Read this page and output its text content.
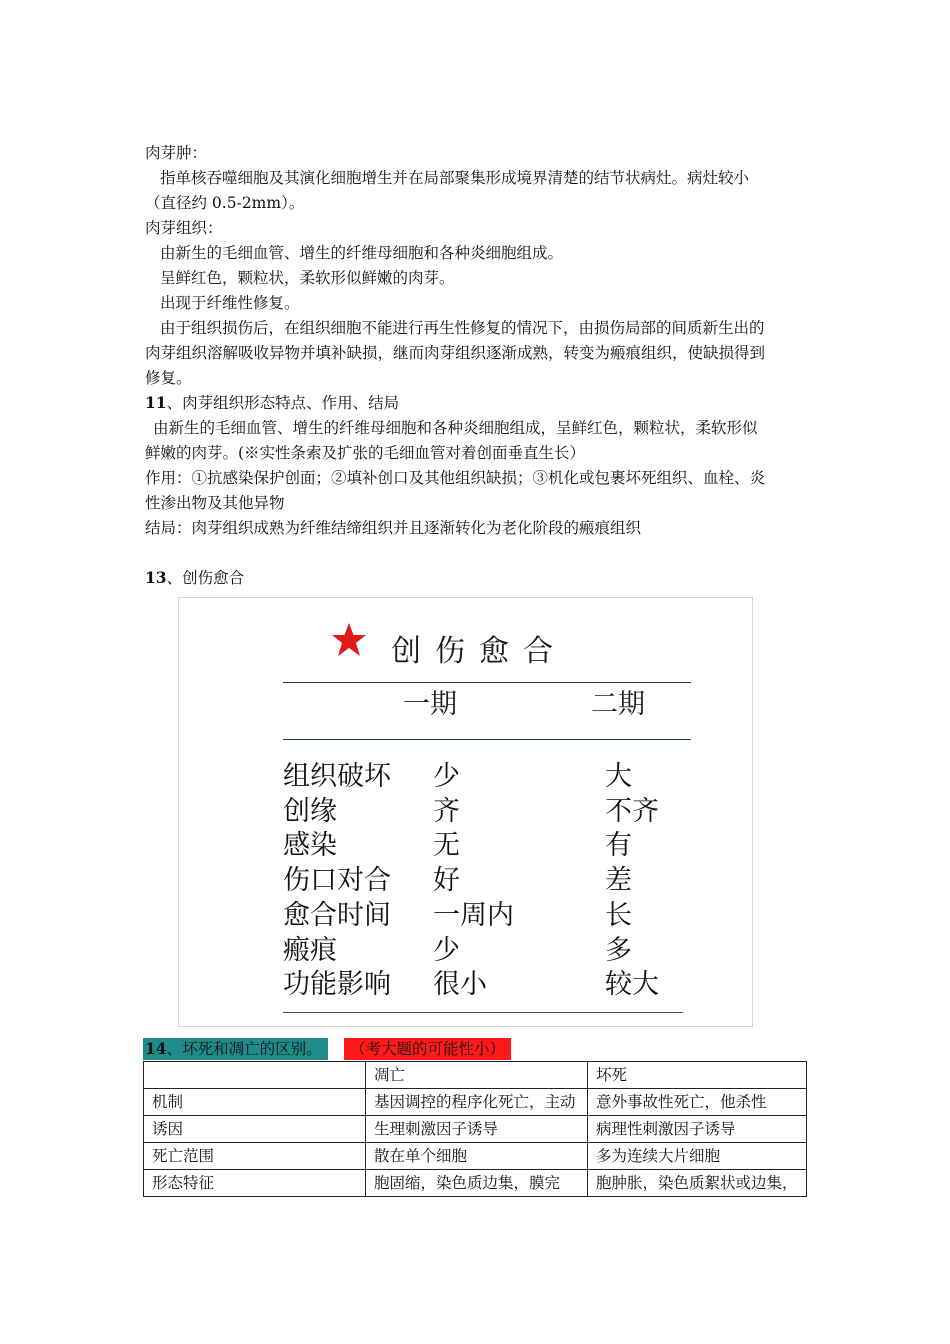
肉芽肿：
指单核吞噬细胞及其演化细胞增生并在局部聚集形成境界清楚的结节状病灶。病灶较小
（直径约 0.5-2mm）。
肉芽组织：
由新生的毛细血管、增生的纤维母细胞和各种炎细胞组成。
呈鲜红色，颗粒状，柔软形似鲜嫩的肉芽。
出现于纤维性修复。
由于组织损伤后，在组织细胞不能进行再生性修复的情况下，由损伤局部的间质新生出的
肉芽组织溶解吸收异物并填补缺损，继而肉芽组织逐渐成熟，转变为瘢痕组织，使缺损得到
修复。
11、肉芽组织形态特点、作用、结局
由新生的毛细血管、增生的纤维母细胞和各种炎细胞组成，呈鲜红色，颗粒状，柔软形似
鲜嫩的肉芽。(※实性条索及扩张的毛细血管对着创面垂直生长）
作用：①抗感染保护创面；②填补创口及其他组织缺损；③机化或包裹坏死组织、血栓、炎
性渗出物及其他异物
结局：肉芽组织成熟为纤维结缔组织并且逐渐转化为老化阶段的瘢痕组织
13、创伤愈合
创伤愈合
一期	二期
组织破坏 少	大
创缘	齐	不齐
感染	无	有
伤口对合 好	差
愈合时间 一周内	长
瘢痕	少	多
功能影响 很小	较大
14、坏死和凋亡的区别。	（考大题的可能性小）
	凋亡	坏死
机制	基因调控的程序化死亡，主动	意外事故性死亡，他杀性
诱因	生理刺激因子诱导	病理性刺激因子诱导
死亡范围	散在单个细胞	多为连续大片细胞
形态特征	胞固缩，染色质边集，膜完	胞肿胀，染色质絮状或边集，
